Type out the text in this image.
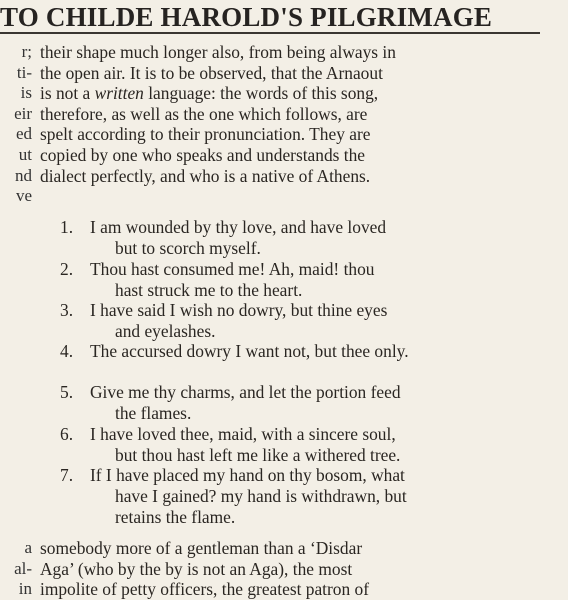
TO CHILDE HAROLD'S PILGRIMAGE
r;
ti-
is
eir
ed
ut
nd
ve
their shape much longer also, from being always in
the open air. It is to be observed, that the Arnaout
is not a written language: the words of this song,
therefore, as well as the one which follows, are
spelt according to their pronunciation. They are
copied by one who speaks and understands the
dialect perfectly, and who is a native of Athens.
1. I am wounded by thy love, and have loved
but to scorch myself.
2. Thou hast consumed me! Ah, maid! thou
hast struck me to the heart.
3. I have said I wish no dowry, but thine eyes
and eyelashes.
4. The accursed dowry I want not, but thee only.
5. Give me thy charms, and let the portion feed
the flames.
6. I have loved thee, maid, with a sincere soul,
but thou hast left me like a withered tree.
7. If I have placed my hand on thy bosom, what
have I gained? my hand is withdrawn, but
retains the flame.
a
al-
in
somebody more of a gentleman than a ‘Disdar
Aga’ (who by the by is not an Aga), the most
impolite of petty officers, the greatest patron of
